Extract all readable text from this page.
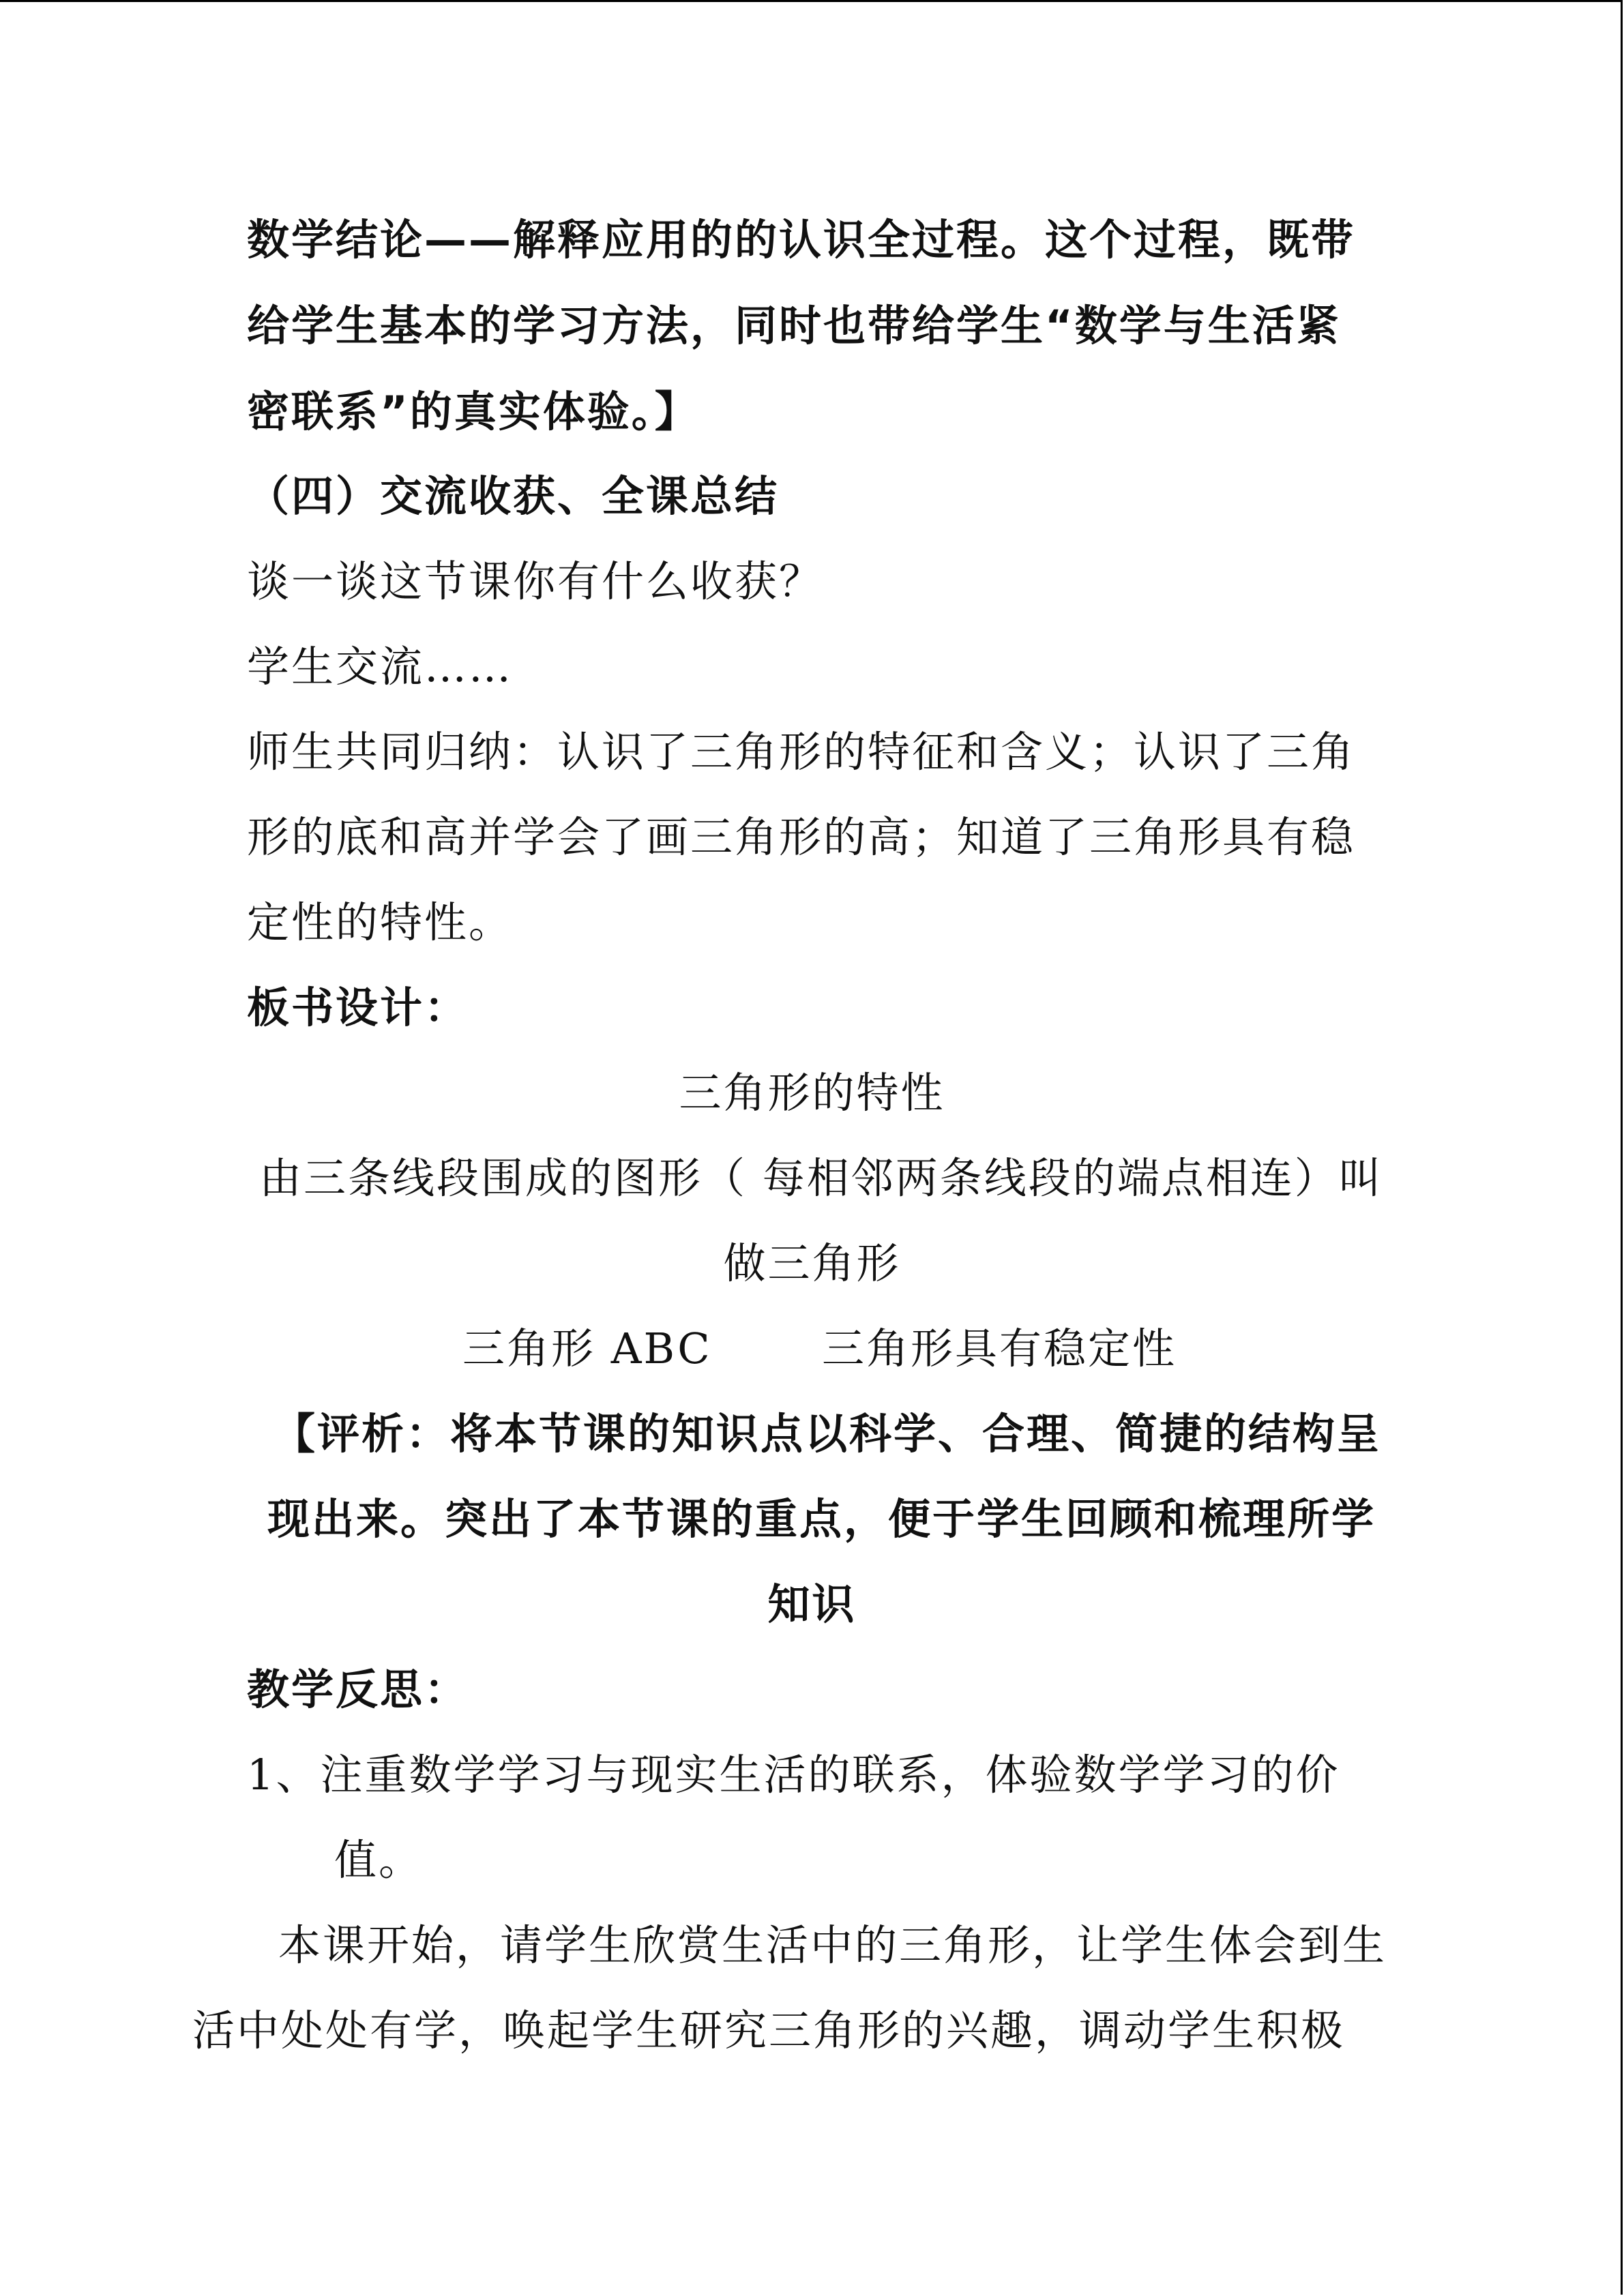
数学结论——解释应用的的认识全过程。这个过程，既带
给学生基本的学习方法，同时也带给学生“数学与生活紧
密联系”的真实体验。】
（四）交流收获、全课总结
谈一谈这节课你有什么收获？
学生交流……
师生共同归纳：认识了三角形的特征和含义；认识了三角
形的底和高并学会了画三角形的高；知道了三角形具有稳
定性的特性。
板书设计：
三角形的特性
由三条线段围成的图形（ 每相邻两条线段的端点相连）叫
做三角形
三角形 ABC	三角形具有稳定性
【评析：将本节课的知识点以科学、合理、简捷的结构呈
现出来。突出了本节课的重点，便于学生回顾和梳理所学
知识
教学反思：
1、注重数学学习与现实生活的联系，体验数学学习的价
值。
本课开始，请学生欣赏生活中的三角形，让学生体会到生
活中处处有学，唤起学生研究三角形的兴趣，调动学生积极
